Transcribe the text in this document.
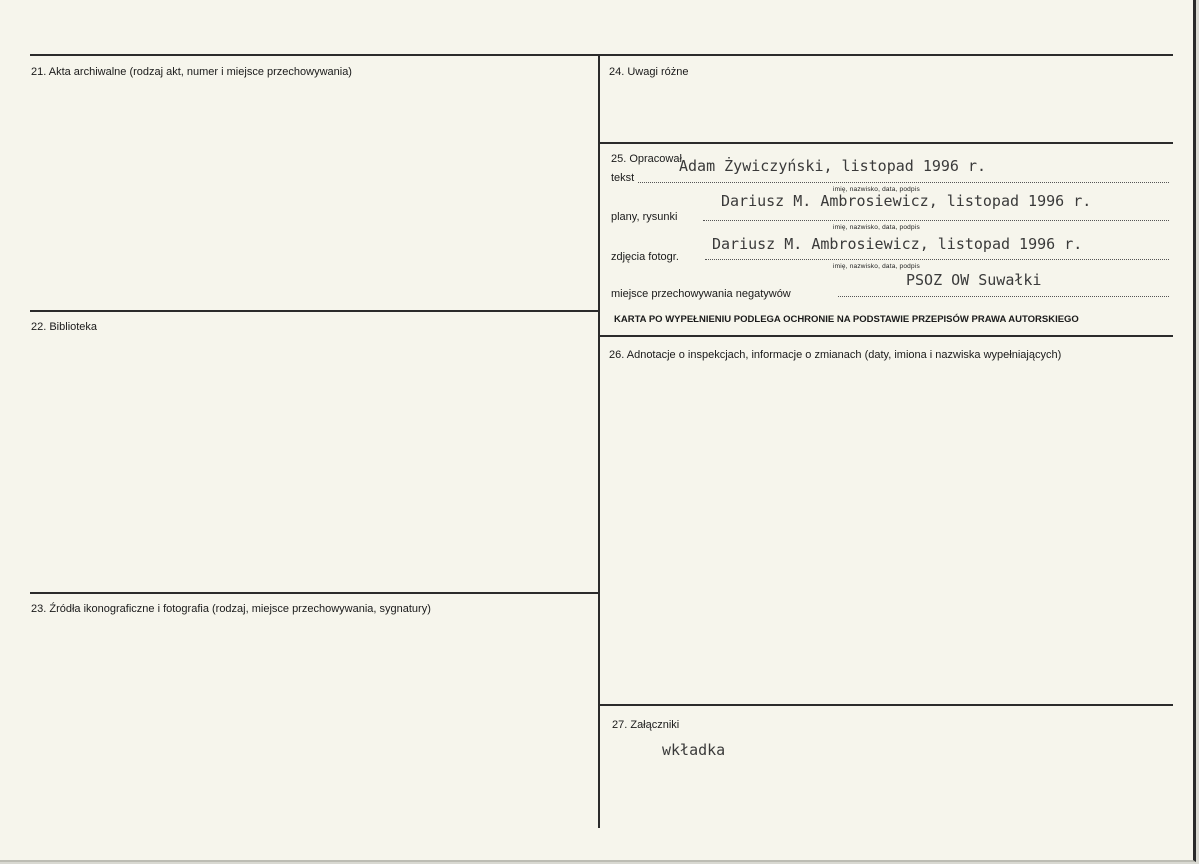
21. Akta archiwalne (rodzaj akt, numer i miejsce przechowywania)
22. Biblioteka
23. Źródła ikonograficzne i fotografia (rodzaj, miejsce przechowywania, sygnatury)
24. Uwagi różne
25. Opracował
tekst
Adam Żywiczyński, listopad 1996 r.
imię, nazwisko, data, podpis
plany, rysunki
Dariusz M. Ambrosiewicz, listopad 1996 r.
imię, nazwisko, data, podpis
zdjęcia fotogr.
Dariusz M. Ambrosiewicz, listopad 1996 r.
imię, nazwisko, data, podpis
miejsce przechowywania negatywów
PSOZ OW Suwałki
KARTA PO WYPEŁNIENIU PODLEGA OCHRONIE NA PODSTAWIE PRZEPISÓW PRAWA AUTORSKIEGO
26. Adnotacje o inspekcjach, informacje o zmianach (daty, imiona i nazwiska wypełniających)
27. Załączniki
wkładka
